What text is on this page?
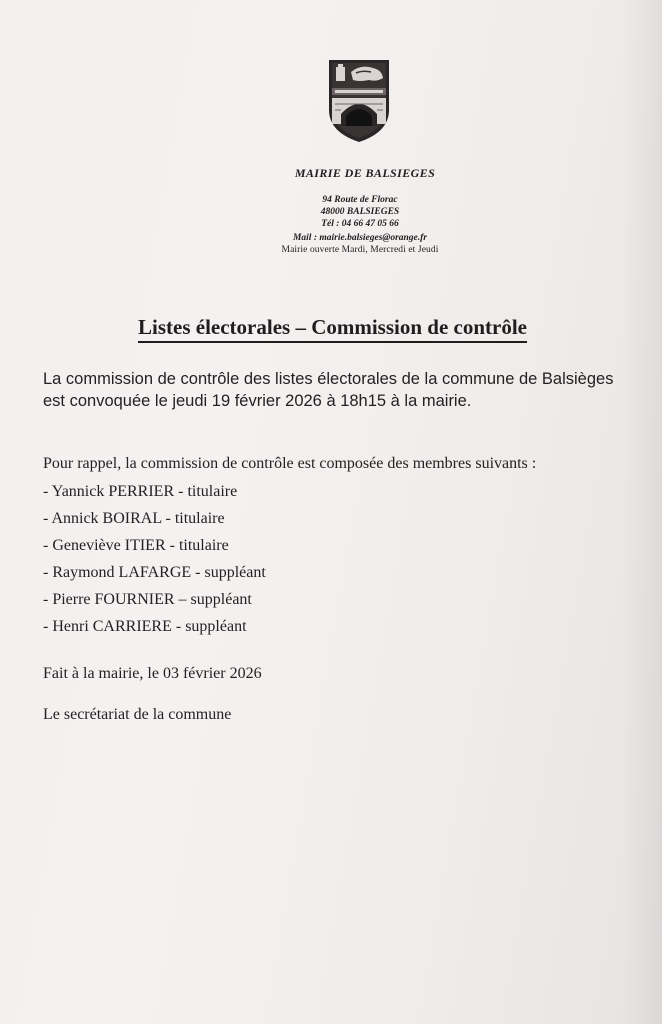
MAIRIE DE BALSIEGES
94 Route de Florac
48000 BALSIEGES
Tél : 04 66 47 05 66
Mail : mairie.balsieges@orange.fr
Mairie ouverte Mardi, Mercredi et Jeudi
Listes électorales – Commission de contrôle
La commission de contrôle des listes électorales de la commune de Balsièges est convoquée le jeudi 19 février 2026 à 18h15 à la mairie.
Pour rappel, la commission de contrôle est composée des membres suivants :
- Yannick PERRIER - titulaire
- Annick BOIRAL - titulaire
- Geneviève ITIER - titulaire
- Raymond LAFARGE - suppléant
- Pierre FOURNIER – suppléant
- Henri CARRIERE - suppléant
Fait à la mairie, le 03 février 2026
Le secrétariat de la commune
